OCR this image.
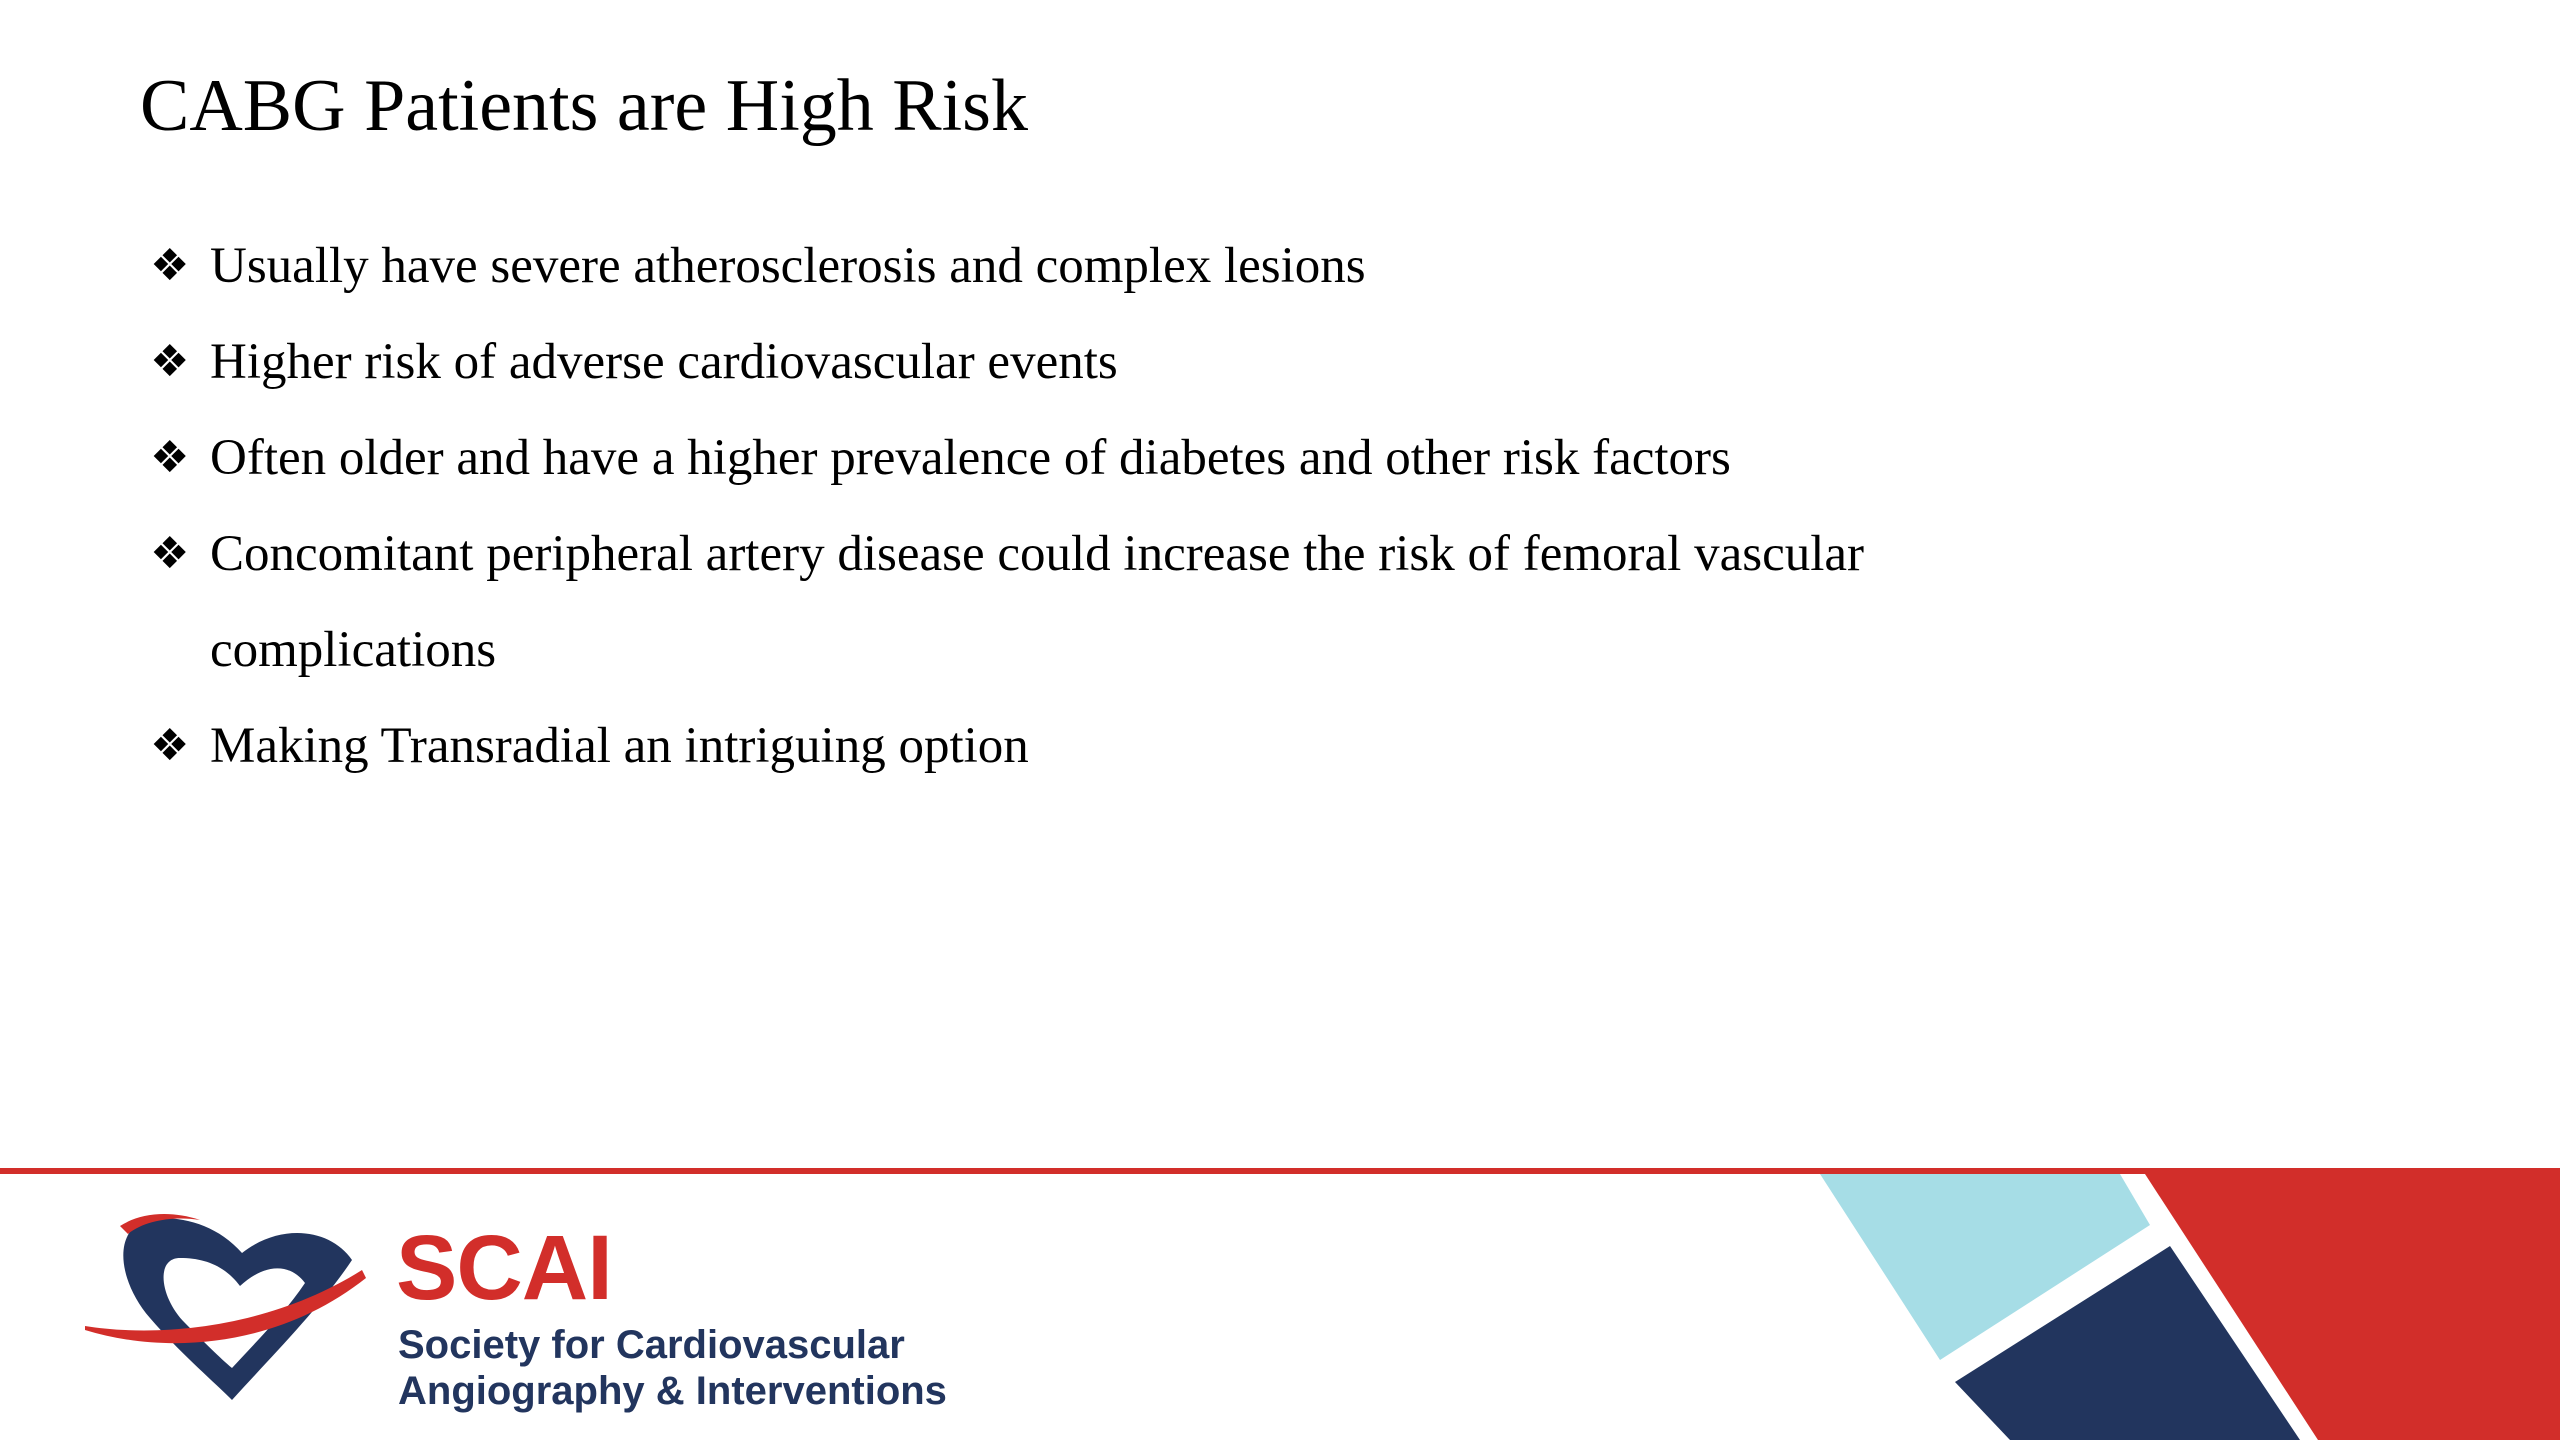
CABG Patients are High Risk
❖ Usually have severe atherosclerosis and complex lesions
❖ Higher risk of adverse cardiovascular events
❖ Often older and have a higher prevalence of diabetes and other risk factors
❖ Concomitant peripheral artery disease could increase the risk of femoral vascular complications
❖ Making Transradial an intriguing option
SCAI
Society for Cardiovascular
Angiography & Interventions
